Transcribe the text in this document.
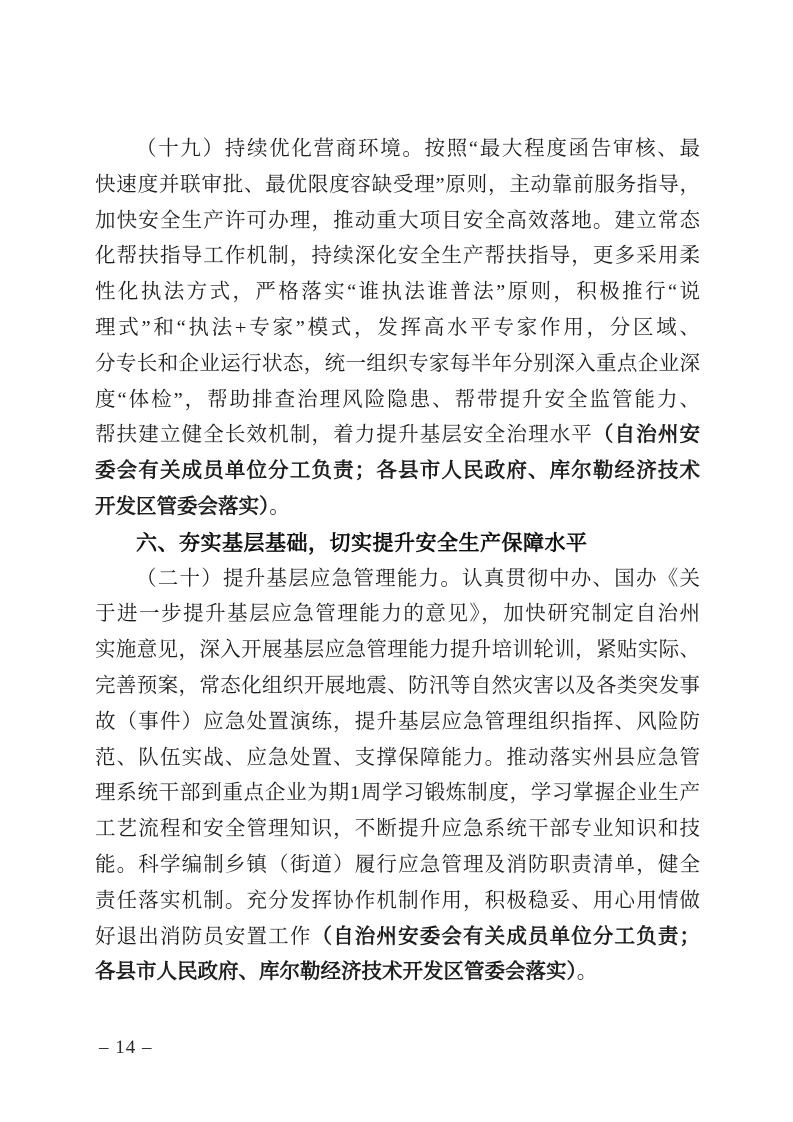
（十九）持续优化营商环境。按照“最大程度函告审核、最
快速度并联审批、最优限度容缺受理”原则，主动靠前服务指导，
加快安全生产许可办理，推动重大项目安全高效落地。建立常态
化帮扶指导工作机制，持续深化安全生产帮扶指导，更多采用柔
性化执法方式，严格落实“谁执法谁普法”原则，积极推行“说
理式”和“执法+专家”模式，发挥高水平专家作用，分区域、
分专长和企业运行状态，统一组织专家每半年分别深入重点企业深
度“体检”，帮助排查治理风险隐患、帮带提升安全监管能力、
帮扶建立健全长效机制，着力提升基层安全治理水平（自治州安
委会有关成员单位分工负责；各县市人民政府、库尔勒经济技术
开发区管委会落实）。
六、夯实基层基础，切实提升安全生产保障水平
（二十）提升基层应急管理能力。认真贯彻中办、国办《关
于进一步提升基层应急管理能力的意见》，加快研究制定自治州
实施意见，深入开展基层应急管理能力提升培训轮训，紧贴实际、
完善预案，常态化组织开展地震、防汛等自然灾害以及各类突发事
故（事件）应急处置演练，提升基层应急管理组织指挥、风险防
范、队伍实战、应急处置、支撑保障能力。推动落实州县应急管
理系统干部到重点企业为期1周学习锻炼制度，学习掌握企业生产
工艺流程和安全管理知识，不断提升应急系统干部专业知识和技
能。科学编制乡镇（街道）履行应急管理及消防职责清单，健全
责任落实机制。充分发挥协作机制作用，积极稳妥、用心用情做
好退出消防员安置工作（自治州安委会有关成员单位分工负责；
各县市人民政府、库尔勒经济技术开发区管委会落实）。
– 14 –
